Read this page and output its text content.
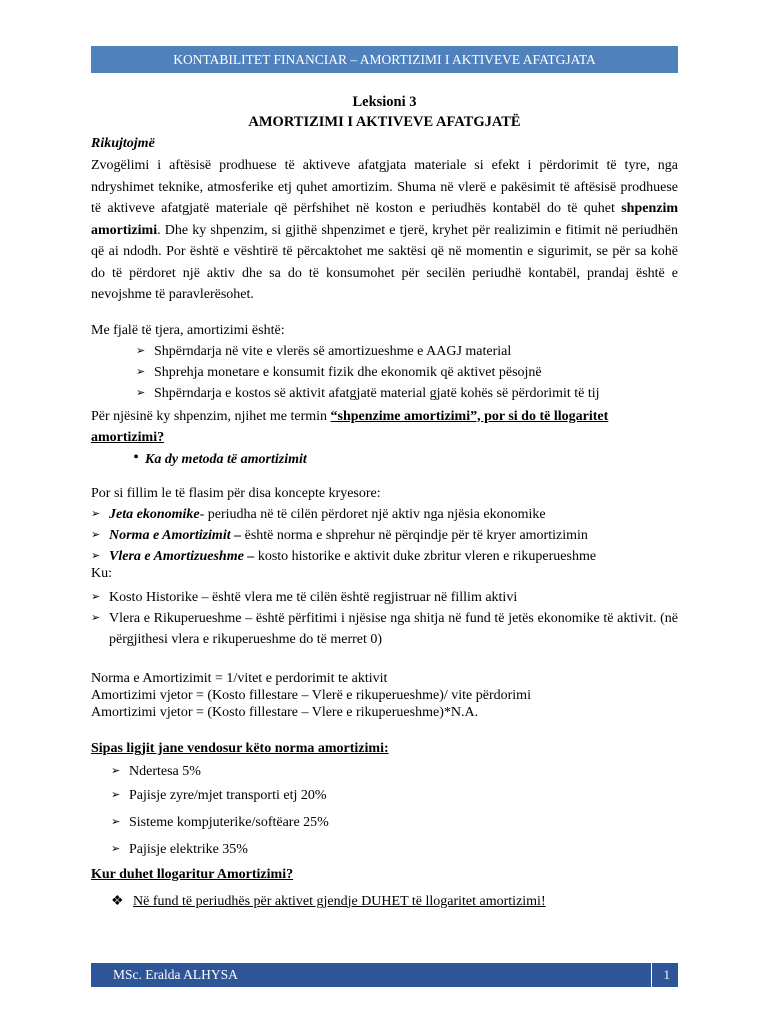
KONTABILITET FINANCIAR – AMORTIZIMI I AKTIVEVE AFATGJATA
Leksioni 3
AMORTIZIMI I AKTIVEVE AFATGJATË
Rikujtojmë

Zvogëlimi i aftësisë prodhuese të aktiveve afatgjata materiale si efekt i përdorimit të tyre, nga ndryshimet teknike, atmosferike etj quhet amortizim. Shuma në vlerë e pakësimit të aftësisë prodhuese të aktiveve afatgjatë materiale që përfshihet në koston e periudhës kontabël do të quhet shpenzim amortizimi. Dhe ky shpenzim, si gjithë shpenzimet e tjerë, kryhet për realizimin e fitimit në periudhën që ai ndodh. Por është e vështirë të përcaktohet me saktësi që në momentin e sigurimit, se për sa kohë do të përdoret një aktiv dhe sa do të konsumohet për secilën periudhë kontabël, prandaj është e nevojshme të paravlerësohet.

Me fjalë të tjera, amortizimi është:

➢ Shpërndarja në vite e vlerës së amortizueshme e AAGJ material
➢ Shprehja monetare e konsumit fizik dhe ekonomik që aktivet pësojnë
➢ Shpërndarja e kostos së aktivit afatgjatë material gjatë kohës së përdorimit të tij

Për njësinë ky shpenzim, njihet me termin “shpenzime amortizimi”, por si do të llogaritet amortizimi?

• Ka dy metoda të amortizimit

Por si fillim le të flasim për disa koncepte kryesore:

➢ Jeta ekonomike- periudha në të cilën përdoret një aktiv nga njësia ekonomike
➢ Norma e Amortizimit – është norma e shprehur në përqindje për të kryer amortizimin
➢ Vlera e Amortizueshme – kosto historike e aktivit duke zbritur vleren e rikuperueshme

Ku:

➢ Kosto Historike – është vlera me të cilën është regjistruar në fillim aktivi
➢ Vlera e Rikuperueshme – është përfitimi i njësise nga shitja në fund të jetës ekonomike të aktivit. (në përgjithesi vlera e rikuperueshme do të merret 0)

Norma e Amortizimit = 1/vitet e perdorimit te aktivit

Amortizimi vjetor = (Kosto fillestare – Vlerë e rikuperueshme)/ vite përdorimi

Amortizimi vjetor = (Kosto fillestare – Vlere e rikuperueshme)*N.A.

Sipas ligjit jane vendosur këto norma amortizimi:

➢ Ndertesa 5%
➢ Pajisje zyre/mjet transporti etj 20%
➢ Sisteme kompjuterike/softëare 25%
➢ Pajisje elektrike 35%

Kur duhet llogaritur Amortizimi?

❖ Në fund të periudhës për aktivet gjendje DUHET të llogaritet amortizimi!
MSc. Eralda ALHYSA	1
